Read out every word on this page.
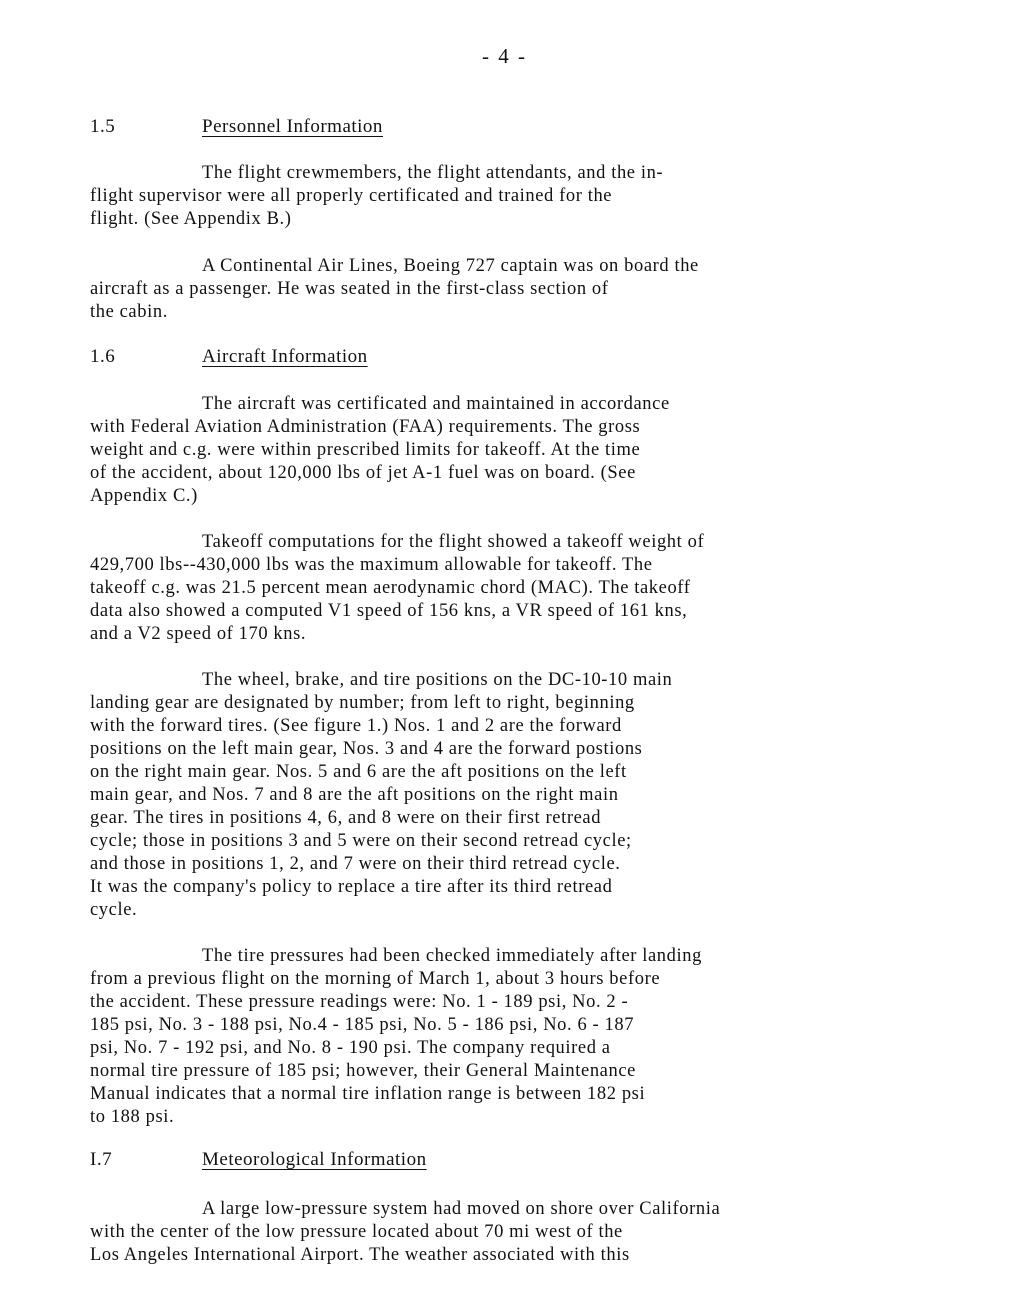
- 4 -
1.5	Personnel Information
The flight crewmembers, the flight attendants, and the in-
flight supervisor were all properly certificated and trained for the
flight. (See Appendix B.)
A Continental Air Lines, Boeing 727 captain was on board the
aircraft as a passenger. He was seated in the first-class section of
the cabin.
1.6	Aircraft Information
The aircraft was certificated and maintained in accordance
with Federal Aviation Administration (FAA) requirements. The gross
weight and c.g. were within prescribed limits for takeoff. At the time
of the accident, about 120,000 lbs of jet A-1 fuel was on board. (See
Appendix C.)
Takeoff computations for the flight showed a takeoff weight of
429,700 lbs--430,000 lbs was the maximum allowable for takeoff. The
takeoff c.g. was 21.5 percent mean aerodynamic chord (MAC). The takeoff
data also showed a computed V1 speed of 156 kns, a VR speed of 161 kns,
and a V2 speed of 170 kns.
The wheel, brake, and tire positions on the DC-10-10 main
landing gear are designated by number; from left to right, beginning
with the forward tires. (See figure 1.) Nos. 1 and 2 are the forward
positions on the left main gear, Nos. 3 and 4 are the forward postions
on the right main gear. Nos. 5 and 6 are the aft positions on the left
main gear, and Nos. 7 and 8 are the aft positions on the right main
gear. The tires in positions 4, 6, and 8 were on their first retread
cycle; those in positions 3 and 5 were on their second retread cycle;
and those in positions 1, 2, and 7 were on their third retread cycle.
It was the company's policy to replace a tire after its third retread
cycle.
The tire pressures had been checked immediately after landing
from a previous flight on the morning of March 1, about 3 hours before
the accident. These pressure readings were: No. 1 - 189 psi, No. 2 -
185 psi, No. 3 - 188 psi, No.4 - 185 psi, No. 5 - 186 psi, No. 6 - 187
psi, No. 7 - 192 psi, and No. 8 - 190 psi. The company required a
normal tire pressure of 185 psi; however, their General Maintenance
Manual indicates that a normal tire inflation range is between 182 psi
to 188 psi.
I.7	Meteorological Information
A large low-pressure system had moved on shore over California
with the center of the low pressure located about 70 mi west of the
Los Angeles International Airport. The weather associated with this
